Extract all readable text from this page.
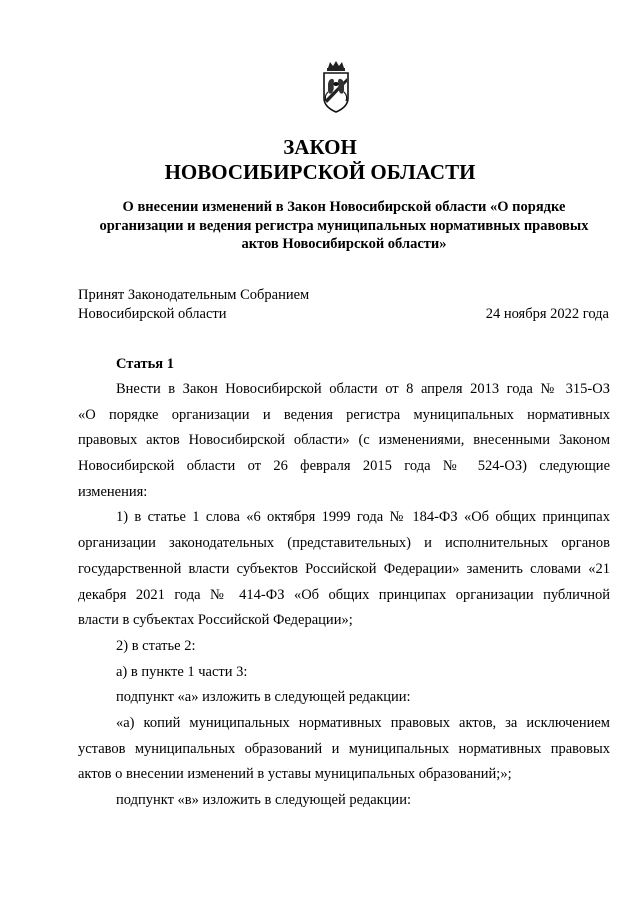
ЗАКОН
НОВОСИБИРСКОЙ ОБЛАСТИ
О внесении изменений в Закон Новосибирской области «О порядке
организации и ведения регистра муниципальных нормативных правовых
актов Новосибирской области»
Принят Законодательным Собранием
Новосибирской области	24 ноября 2022 года
Статья 1
Внести в Закон Новосибирской области от 8 апреля 2013 года № 315-ОЗ
«О порядке организации и ведения регистра муниципальных нормативных
правовых актов Новосибирской области» (с изменениями, внесенными Законом
Новосибирской области от 26 февраля 2015 года № 524-ОЗ) следующие
изменения:
1) в статье 1 слова «6 октября 1999 года № 184-ФЗ «Об общих принципах
организации законодательных (представительных) и исполнительных органов
государственной власти субъектов Российской Федерации» заменить словами «21
декабря 2021 года № 414-ФЗ «Об общих принципах организации публичной
власти в субъектах Российской Федерации»;
2) в статье 2:
а) в пункте 1 части 3:
подпункт «а» изложить в следующей редакции:
«а) копий муниципальных нормативных правовых актов, за исключением
уставов муниципальных образований и муниципальных нормативных правовых
актов о внесении изменений в уставы муниципальных образований;»;
подпункт «в» изложить в следующей редакции:
